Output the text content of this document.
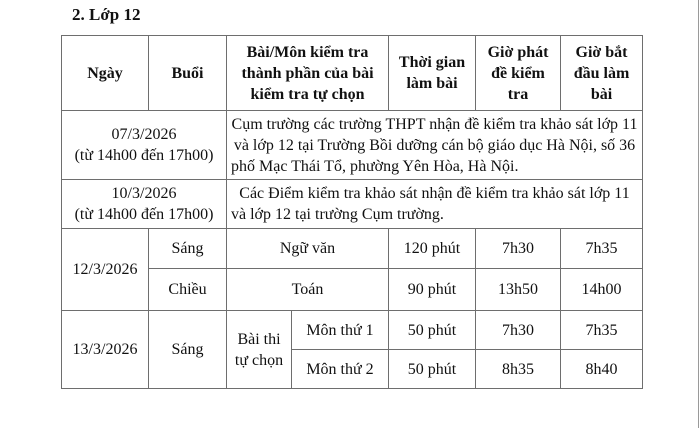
2. Lớp 12
Ngày	Buổi	Bài/Môn kiểm tra thành phần của bài kiểm tra tự chọn		Thời gian làm bài	Giờ phát đề kiểm tra	Giờ bắt đầu làm bài

07/3/2026
(từ 14h00 đến 17h00)		Cụm trường các trường THPT nhận đề kiểm tra khảo sát lớp 11 và lớp 12 tại Trường Bồi dưỡng cán bộ giáo dục Hà Nội, số 36 phố Mạc Thái Tổ, phường Yên Hòa, Hà Nội.				

10/3/2026
(từ 14h00 đến 17h00)		Các Điểm kiểm tra khảo sát nhận đề kiểm tra khảo sát lớp 11 và lớp 12 tại trường Cụm trường.				
12/3/2026	Sáng	Ngữ văn		120 phút	7h30	7h35
	Chiều	Toán		90 phút	13h50	14h00
13/3/2026	Sáng	Bài thi tự chọn	Môn thứ 1	50 phút	7h30	7h35
			Môn thứ 2	50 phút	8h35	8h40
